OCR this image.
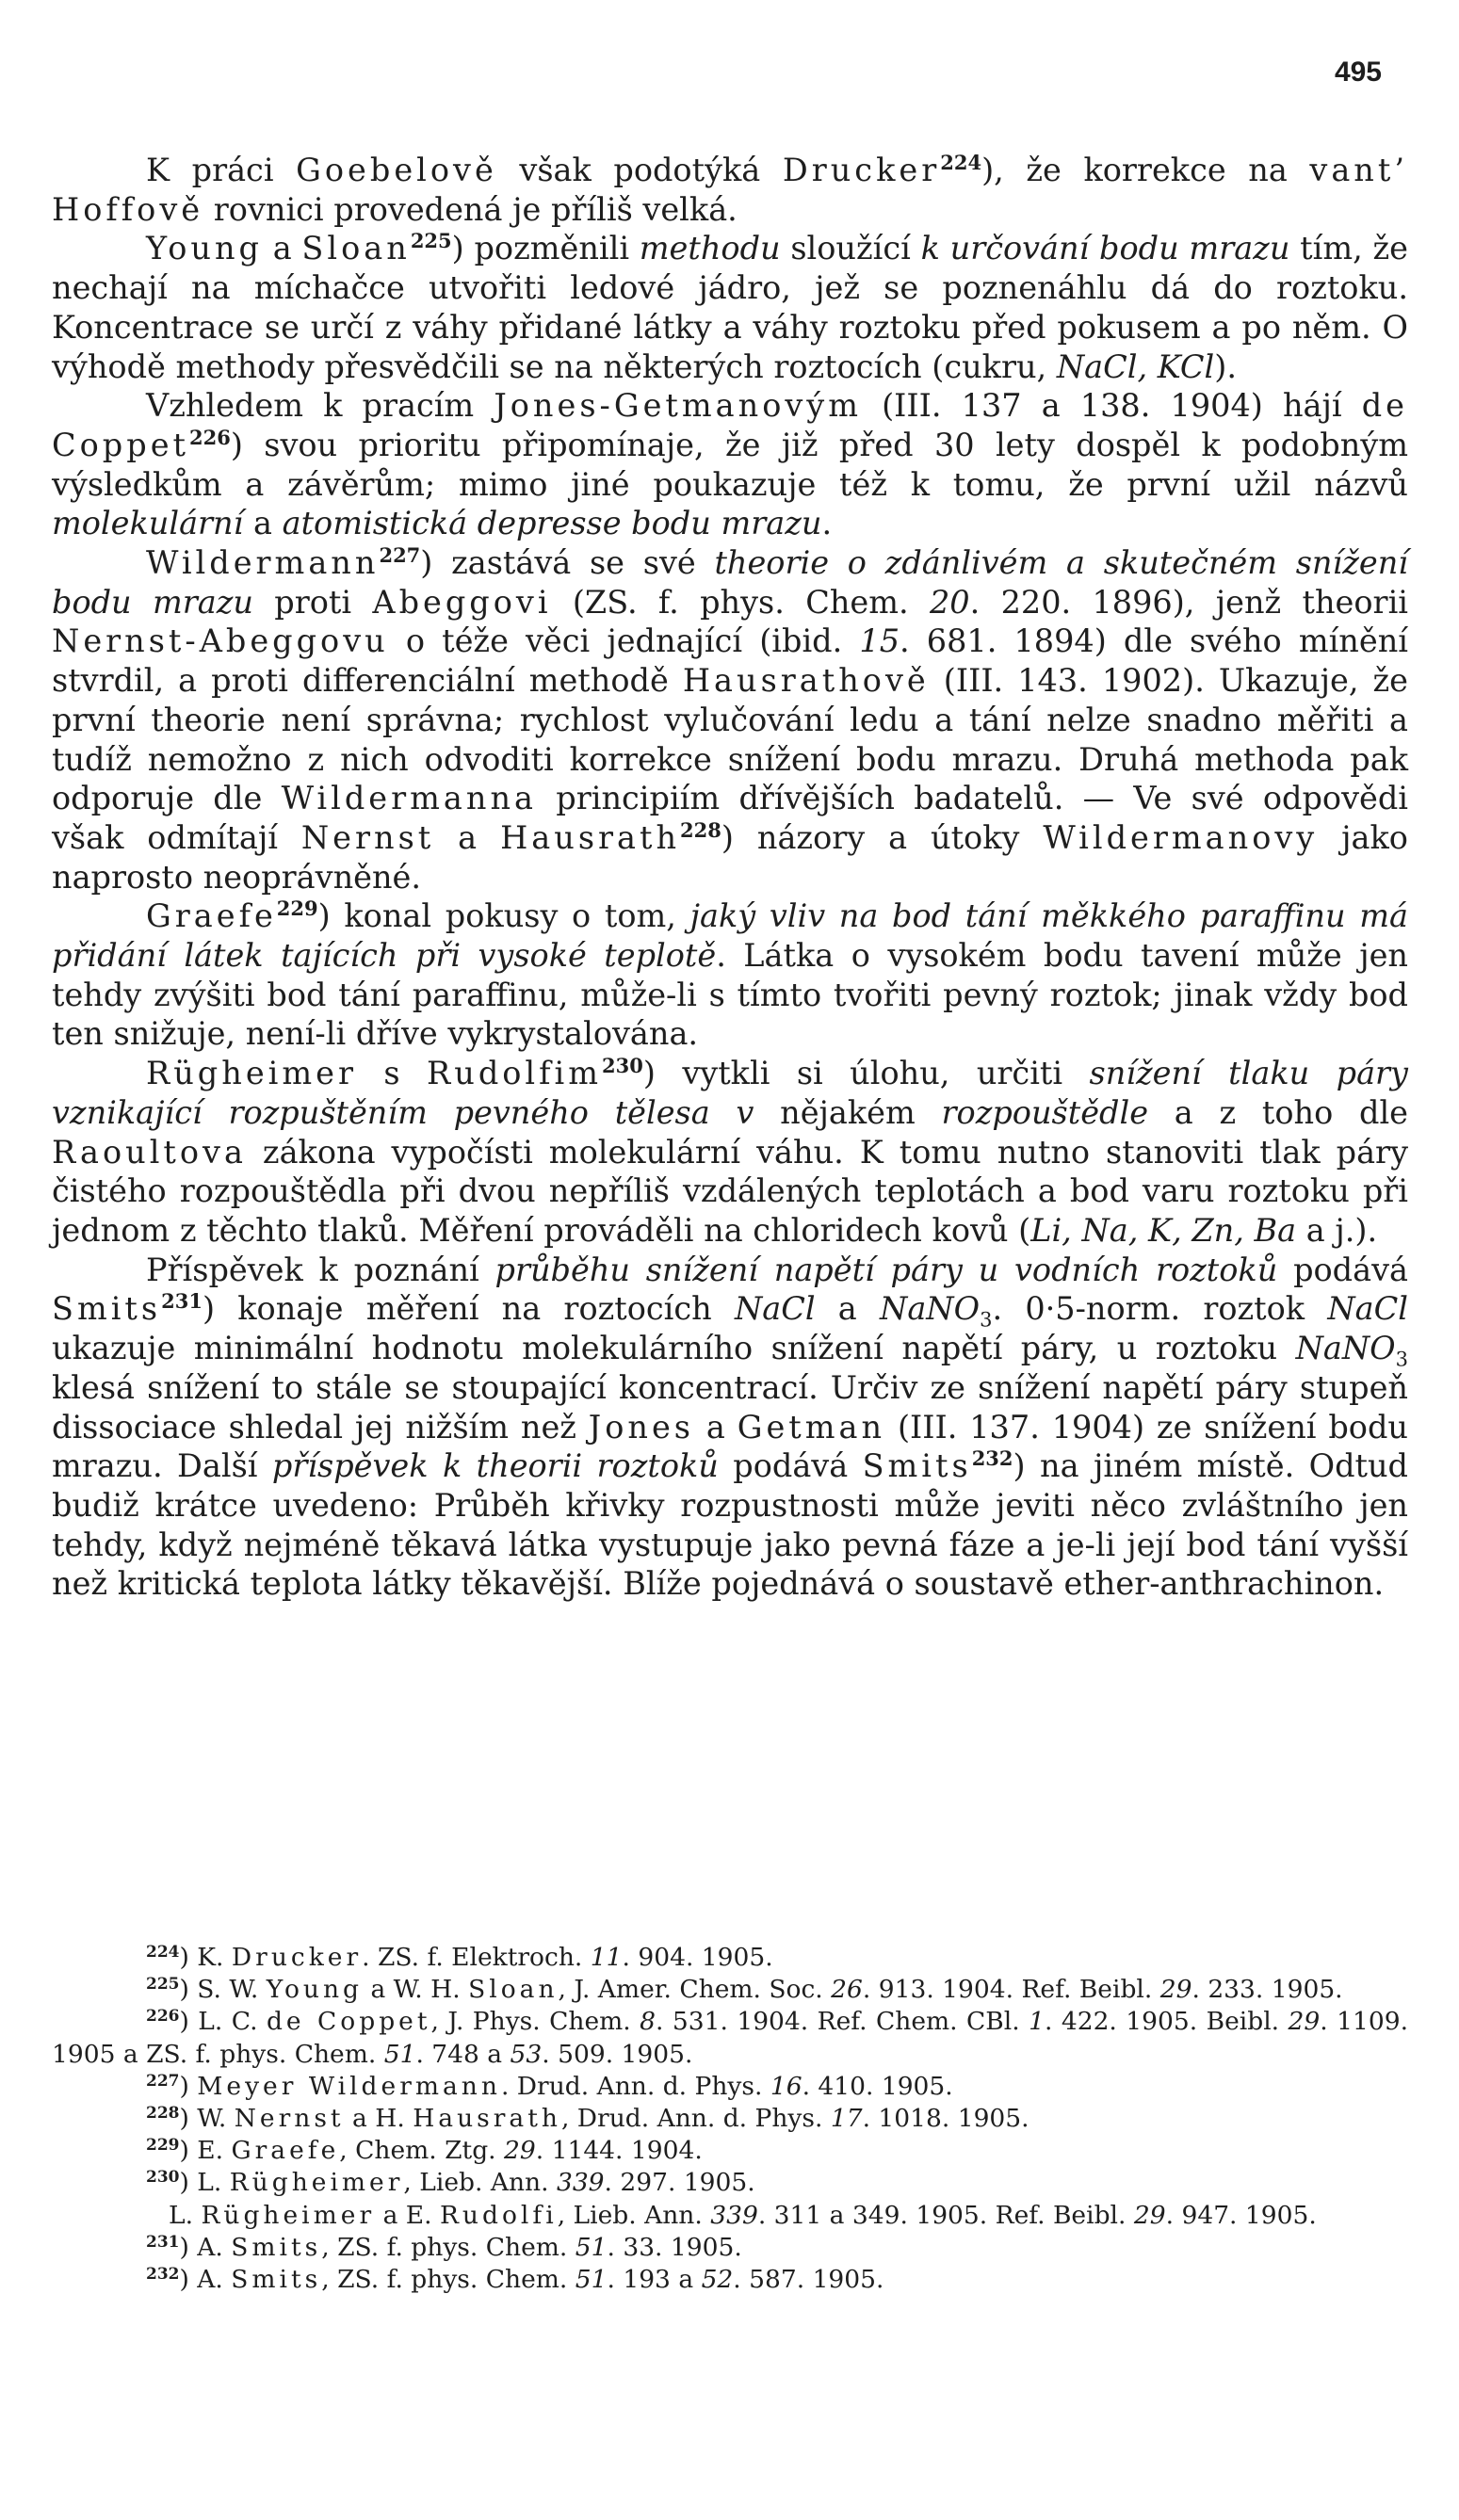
495

K práci Goebelově však podotýká Drucker$^{224}$), že korrekce na vant’ Hoffově rovnici provedená je příliš velká.

Young a Sloan$^{225}$) pozměnili methodu sloužící k určování bodu mrazu tím, že nechají na míchačce utvořiti ledové jádro, jež se poznenáhlu dá do roztoku. Koncentrace se určí z váhy přidané látky a váhy roztoku před pokusem a po něm. O výhodě methody přesvědčili se na některých roztocích (cukru, NaCl, KCl).

Vzhledem k pracím Jones-Getmanovým (III. 137 a 138. 1904) hájí de Coppet$^{226}$) svou prioritu připomínaje, že již před 30 lety dospěl k podobným výsledkům a závěrům; mimo jiné poukazuje též k tomu, že první užil názvů molekulární a atomistická depresse bodu mrazu.

Wildermann$^{227}$) zastává se své theorie o zdánlivém a skutečném snížení bodu mrazu proti Abeggovi (ZS. f. phys. Chem. 20. 220. 1896), jenž theorii Nernst-Abeggovu o téže věci jednající (ibid. 15. 681. 1894) dle svého mínění stvrdil, a proti differenciální methodě Hausrathově (III. 143. 1902). Ukazuje, že první theorie není správna; rychlost vylučování ledu a tání nelze snadno měřiti a tudíž nemožno z nich odvoditi korrekce snížení bodu mrazu. Druhá methoda pak odporuje dle Wildermanna principiím dřívějších badatelů. — Ve své odpovědi však odmítají Nernst a Hausrath$^{228}$) názory a útoky Wildermanovy jako naprosto neoprávněné.

Graefe$^{229}$) konal pokusy o tom, jaký vliv na bod tání měkkého paraffinu má přidání látek tajících při vysoké teplotě. Látka o vysokém bodu tavení může jen tehdy zvýšiti bod tání paraffinu, může-li s tímto tvořiti pevný roztok; jinak vždy bod ten snižuje, není-li dříve vykrystalována.

Rügheimer s Rudolfim$^{230}$) vytkli si úlohu, určiti snížení tlaku páry vznikající rozpuštěním pevného tělesa v nějakém rozpouštědle a z toho dle Raoultova zákona vypočísti molekulární váhu. K tomu nutno stanoviti tlak páry čistého rozpouštědla při dvou nepříliš vzdálených teplotách a bod varu roztoku při jednom z těchto tlaků. Měření prováděli na chloridech kovů (Li, Na, K, Zn, Ba a j.).

Příspěvek k poznání průběhu snížení napětí páry u vodních roztoků podává Smits$^{231}$) konaje měření na roztocích NaCl a NaNO$_3$. 0·5-norm. roztok NaCl ukazuje minimální hodnotu molekulárního snížení napětí páry, u roztoku NaNO$_3$ klesá snížení to stále se stoupající koncentrací. Určiv ze snížení napětí páry stupeň dissociace shledal jej nižším než Jones a Getman (III. 137. 1904) ze snížení bodu mrazu. Další příspěvek k theorii roztoků podává Smits$^{232}$) na jiném místě. Odtud budiž krátce uvedeno: Průběh křivky rozpustnosti může jeviti něco zvláštního jen tehdy, když nejméně těkavá látka vystupuje jako pevná fáze a je-li její bod tání vyšší než kritická teplota látky těkavější. Blíže pojednává o soustavě ether-anthrachinon.

$^{224}$) K. Drucker. ZS. f. Elektroch. 11. 904. 1905.

$^{225}$) S. W. Young a W. H. Sloan, J. Amer. Chem. Soc. 26. 913. 1904. Ref. Beibl. 29. 233. 1905.

$^{226}$) L. C. de Coppet, J. Phys. Chem. 8. 531. 1904. Ref. Chem. CBl. 1. 422. 1905. Beibl. 29. 1109. 1905 a ZS. f. phys. Chem. 51. 748 a 53. 509. 1905.

$^{227}$) Meyer Wildermann. Drud. Ann. d. Phys. 16. 410. 1905.

$^{228}$) W. Nernst a H. Hausrath, Drud. Ann. d. Phys. 17. 1018. 1905.

$^{229}$) E. Graefe, Chem. Ztg. 29. 1144. 1904.

$^{230}$) L. Rügheimer, Lieb. Ann. 339. 297. 1905.

L. Rügheimer a E. Rudolfi, Lieb. Ann. 339. 311 a 349. 1905. Ref. Beibl. 29. 947. 1905.

$^{231}$) A. Smits, ZS. f. phys. Chem. 51. 33. 1905.

$^{232}$) A. Smits, ZS. f. phys. Chem. 51. 193 a 52. 587. 1905.
